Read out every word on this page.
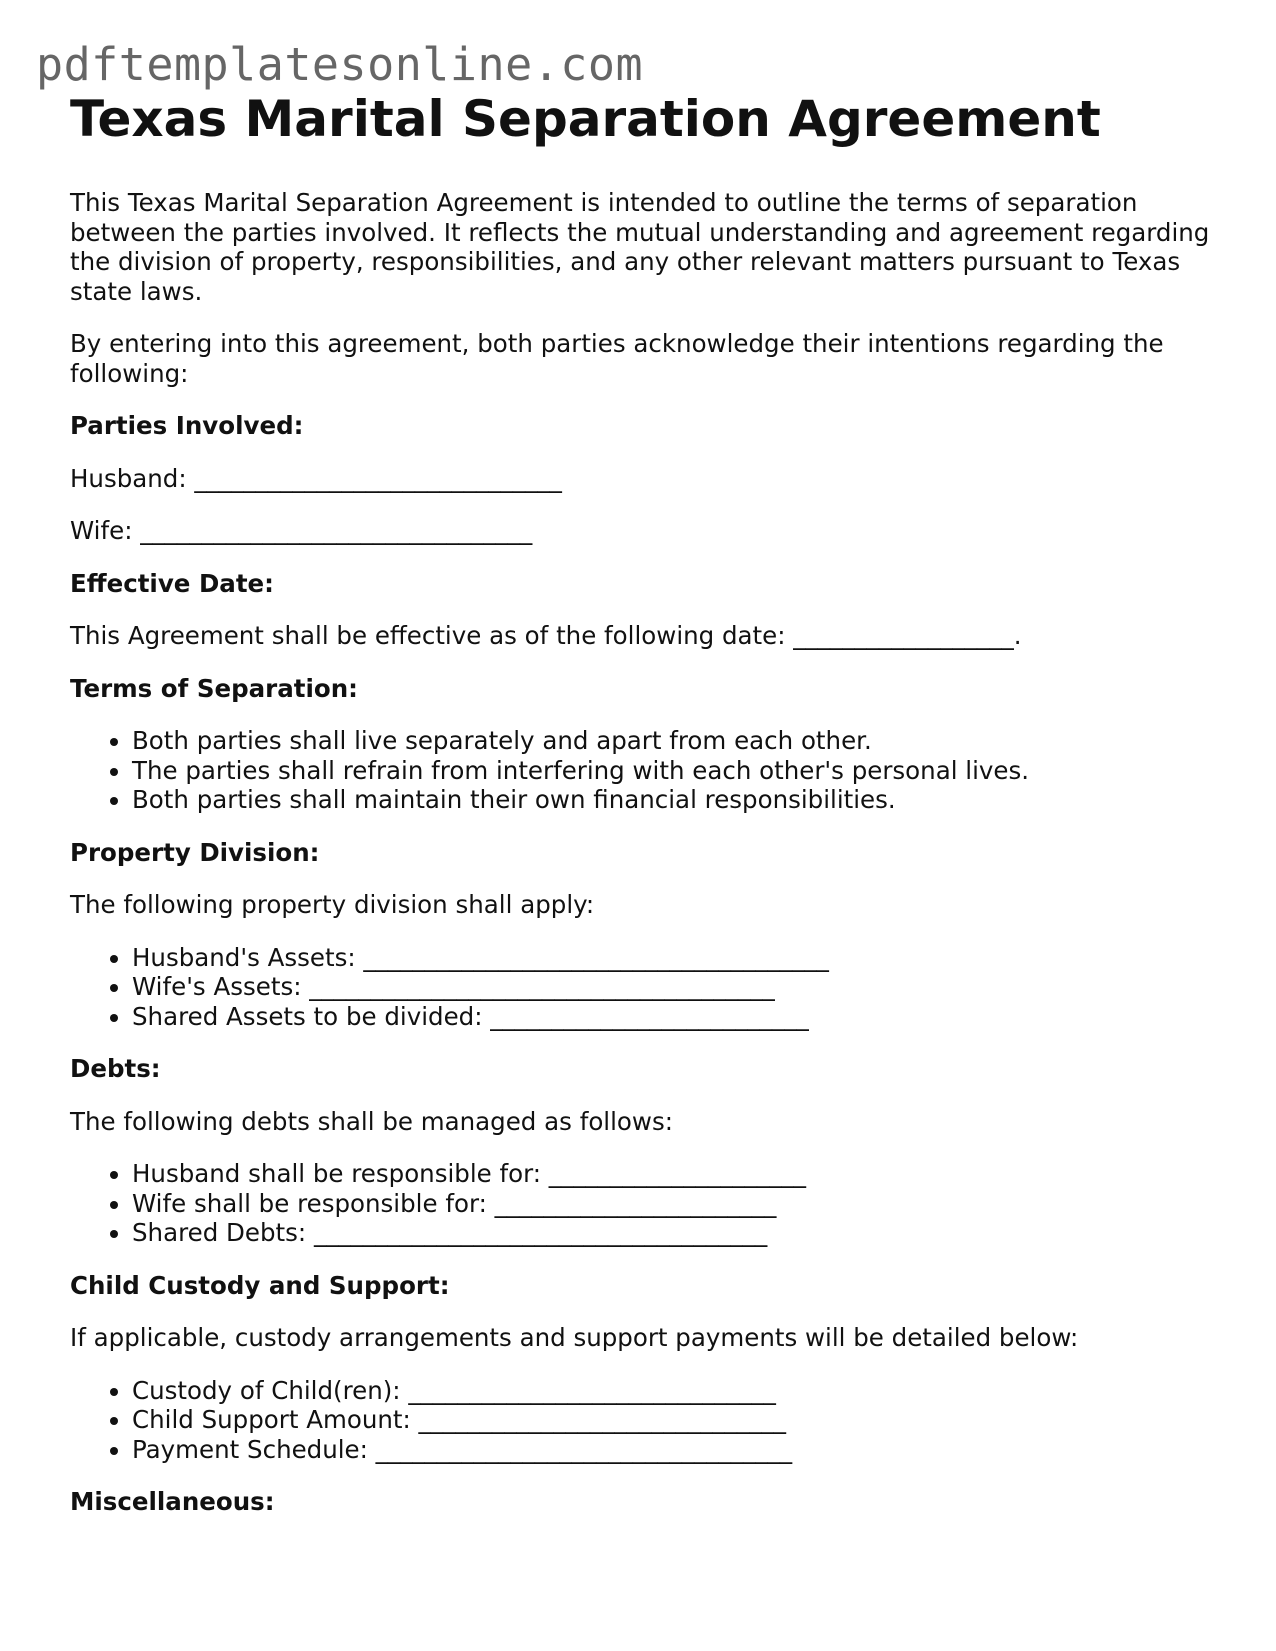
pdftemplatesonline.com
Texas Marital Separation Agreement

This Texas Marital Separation Agreement is intended to outline the terms of separation between the parties involved. It reflects the mutual understanding and agreement regarding the division of property, responsibilities, and any other relevant matters pursuant to Texas state laws.

By entering into this agreement, both parties acknowledge their intentions regarding the following:

Parties Involved:

Husband: ______________________________

Wife: ________________________________

Effective Date:

This Agreement shall be effective as of the following date: __________________.

Terms of Separation:
• Both parties shall live separately and apart from each other.
• The parties shall refrain from interfering with each other's personal lives.
• Both parties shall maintain their own financial responsibilities.
Property Division:

The following property division shall apply:

• Husband's Assets: ______________________________________
• Wife's Assets: ______________________________________
• Shared Assets to be divided: __________________________
Debts:

The following debts shall be managed as follows:

• Husband shall be responsible for: _____________________
• Wife shall be responsible for: _______________________
• Shared Debts: _____________________________________
Child Custody and Support:

If applicable, custody arrangements and support payments will be detailed below:

• Custody of Child(ren): ______________________________
• Child Support Amount: ______________________________
• Payment Schedule: __________________________________
Miscellaneous:
